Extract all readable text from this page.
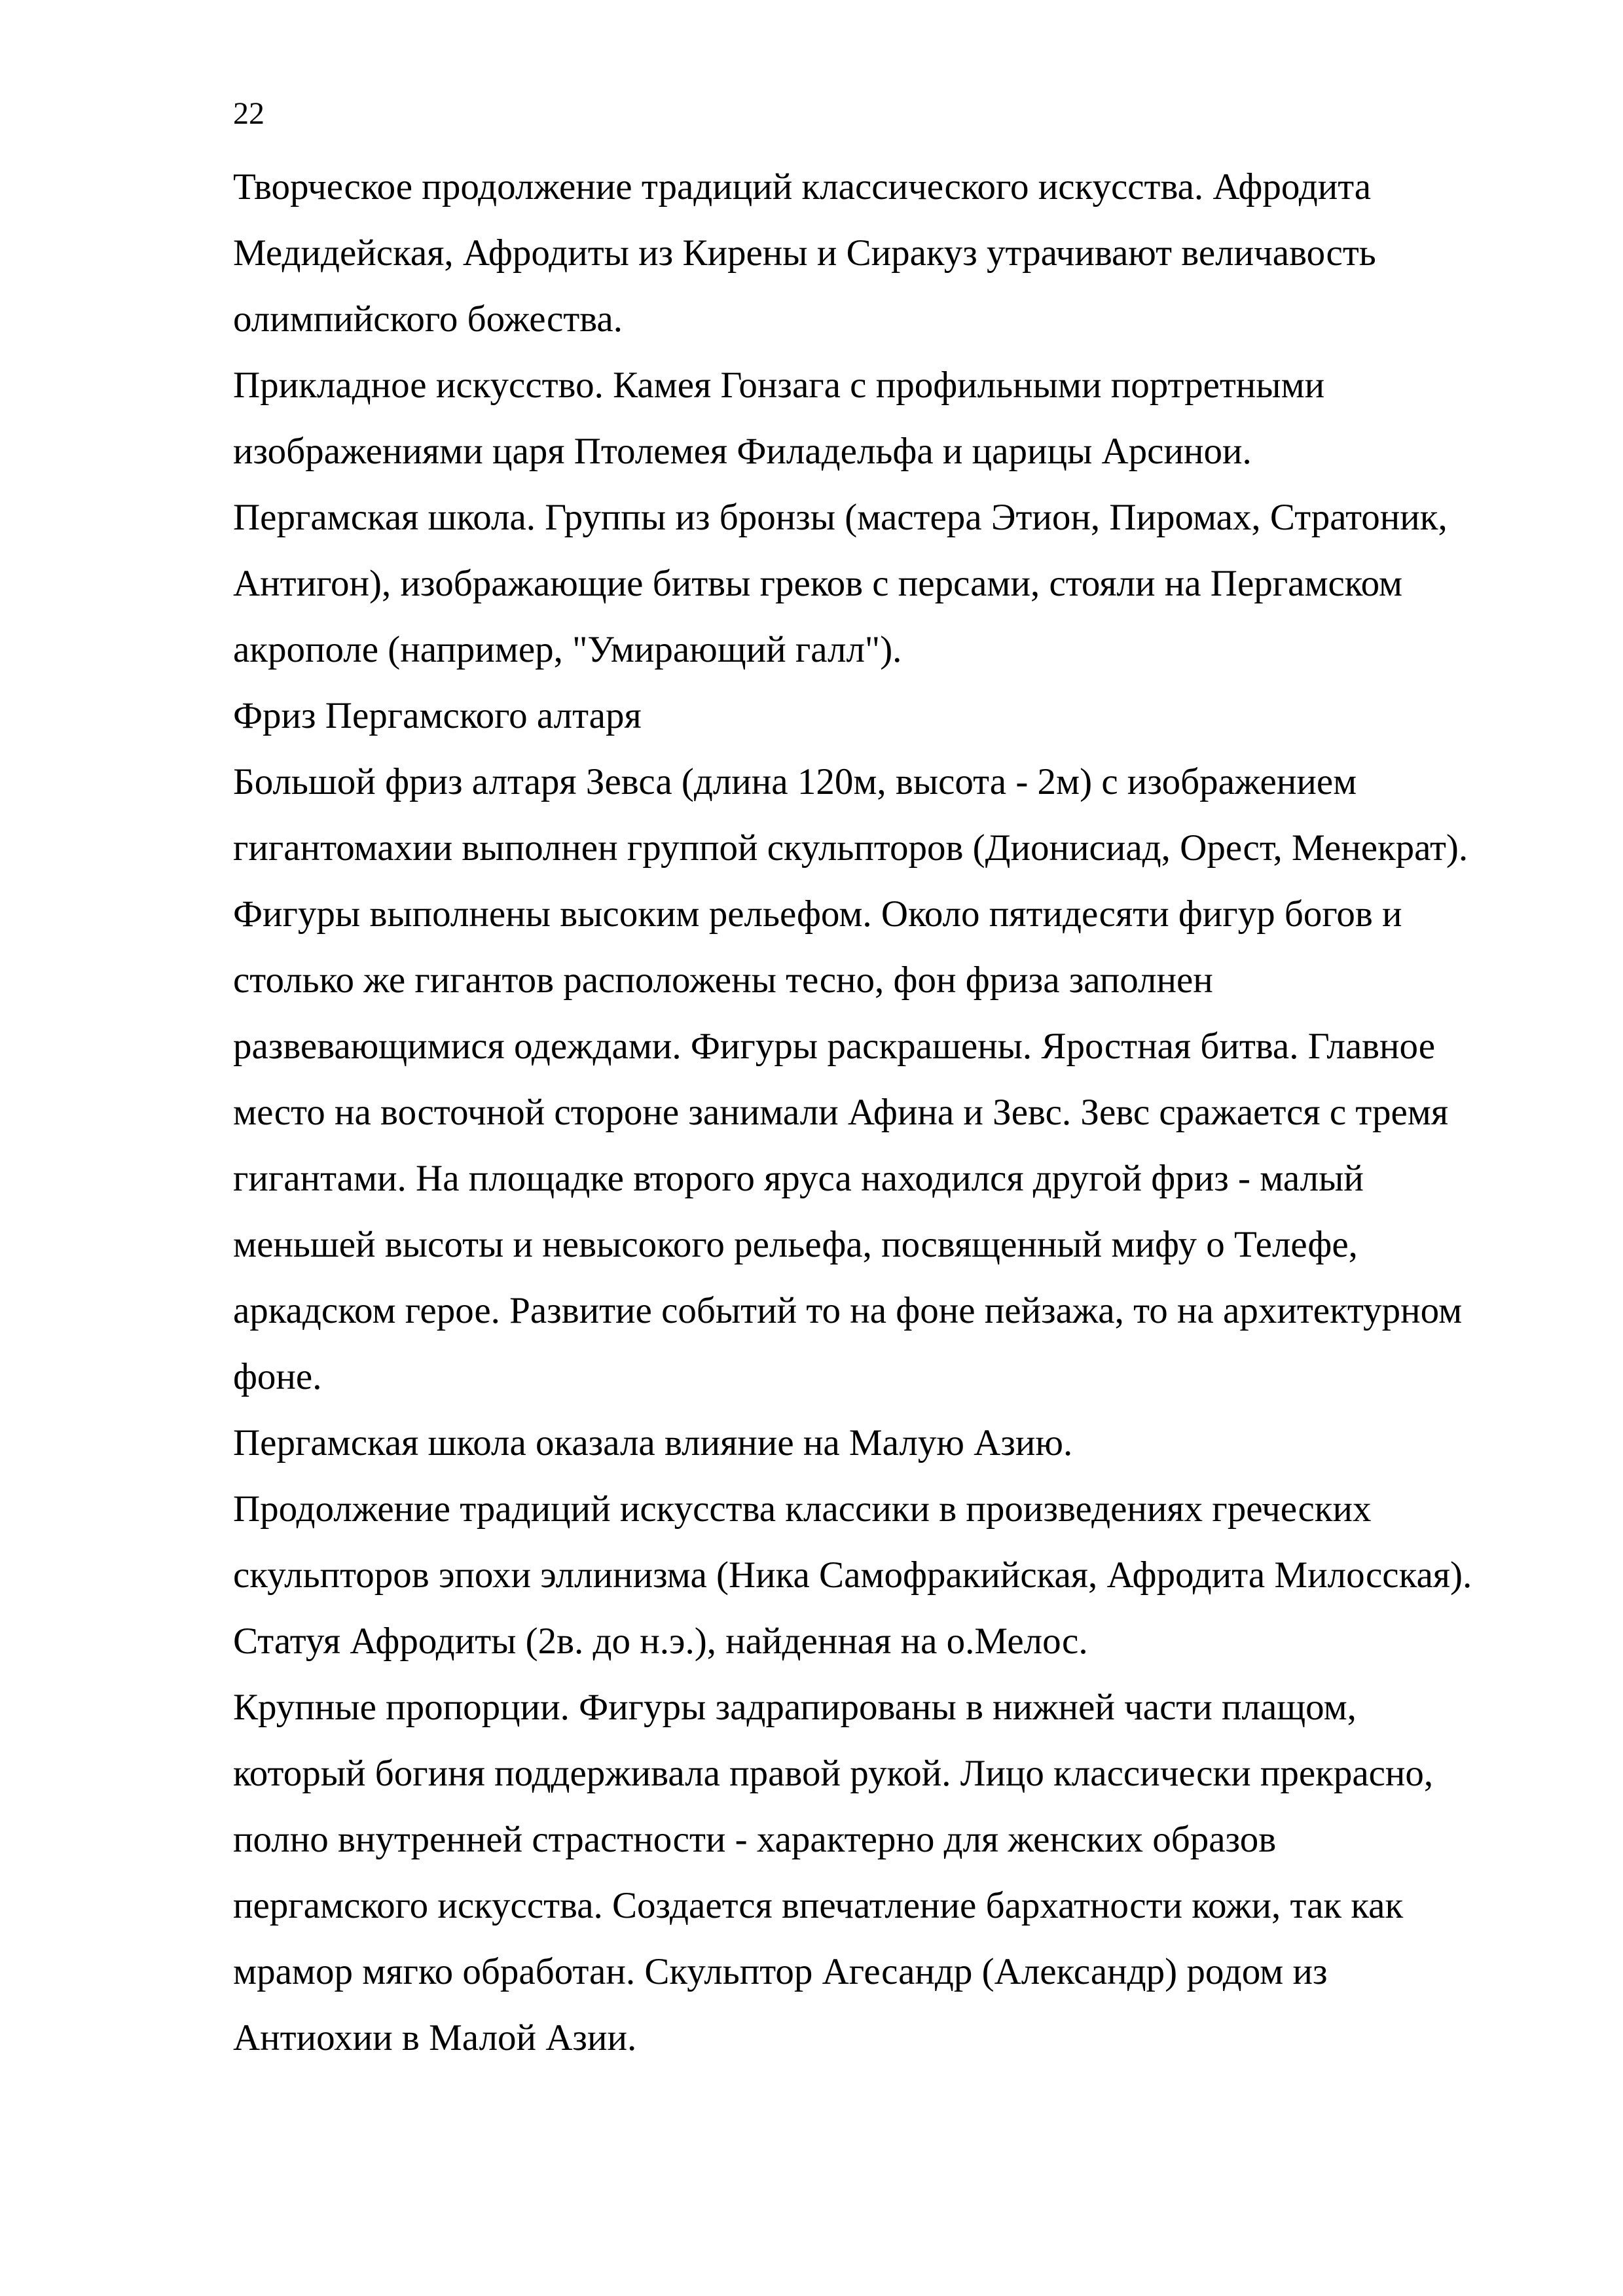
22
Творческое продолжение традиций классического искусства. Афродита
Медидейская, Афродиты из Кирены и Сиракуз утрачивают величавость
олимпийского божества.
Прикладное искусство. Камея Гонзага с профильными портретными
изображениями царя Птолемея Филадельфа и царицы Арсинои.
Пергамская школа. Группы из бронзы (мастера Этион, Пиромах, Стратоник,
Антигон), изображающие битвы греков с персами, стояли на Пергамском
акрополе (например, "Умирающий галл").
Фриз Пергамского алтаря
Большой фриз алтаря Зевса (длина 120м, высота - 2м) с изображением
гигантомахии выполнен группой скульпторов (Дионисиад, Орест, Менекрат).
Фигуры выполнены высоким рельефом. Около пятидесяти фигур богов и
столько же гигантов расположены тесно, фон фриза заполнен
развевающимися одеждами. Фигуры раскрашены. Яростная битва. Главное
место на восточной стороне занимали Афина и Зевс. Зевс сражается с тремя
гигантами. На площадке второго яруса находился другой фриз - малый
меньшей высоты и невысокого рельефа, посвященный мифу о Телефе,
аркадском герое. Развитие событий то на фоне пейзажа, то на архитектурном
фоне.
Пергамская школа оказала влияние на Малую Азию.
Продолжение традиций искусства классики в произведениях греческих
скульпторов эпохи эллинизма (Ника Самофракийская, Афродита Милосская).
Статуя Афродиты (2в. до н.э.), найденная на о.Мелос.
Крупные пропорции. Фигуры задрапированы в нижней части плащом,
который богиня поддерживала правой рукой. Лицо классически прекрасно,
полно внутренней страстности - характерно для женских образов
пергамского искусства. Создается впечатление бархатности кожи, так как
мрамор мягко обработан. Скульптор Агесандр (Александр) родом из
Антиохии в Малой Азии.
